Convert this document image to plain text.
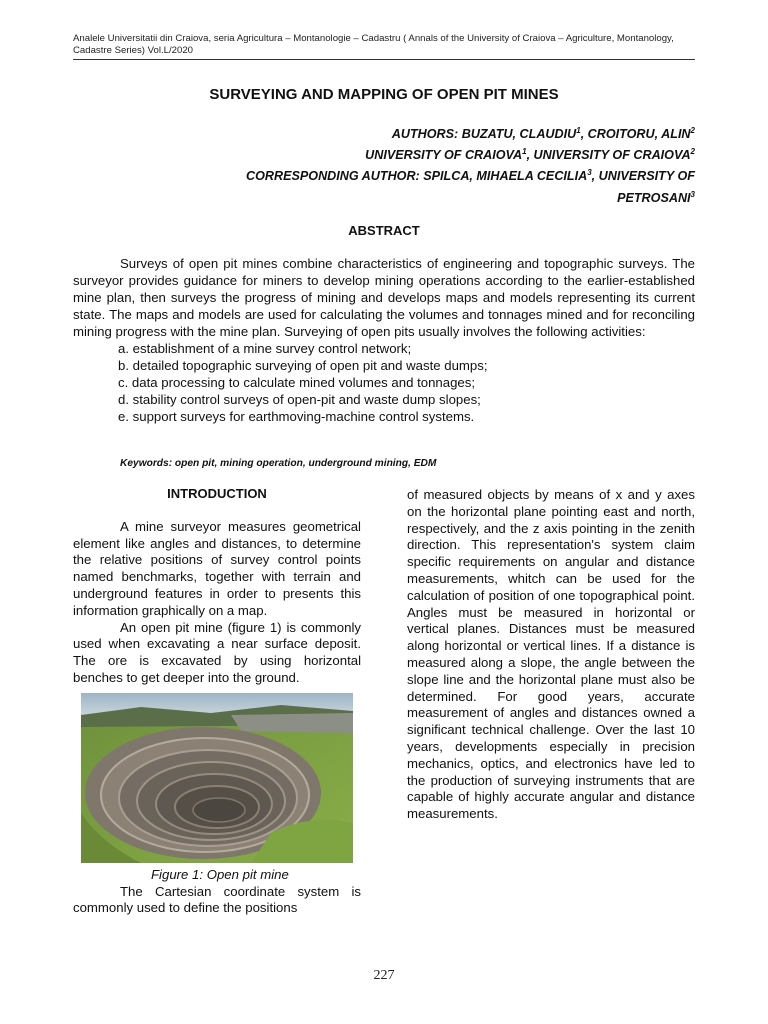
Analele Universitatii din Craiova, seria Agricultura – Montanologie – Cadastru ( Annals of the University of Craiova – Agriculture, Montanology, Cadastre Series) Vol.L/2020
SURVEYING AND MAPPING OF OPEN PIT MINES
AUTHORS: BUZATU, CLAUDIU$^1$, CROITORU, ALIN$^2$
UNIVERSITY OF CRAIOVA$^1$, UNIVERSITY OF CRAIOVA$^2$
CORRESPONDING AUTHOR: SPILCA, MIHAELA CECILIA$^3$, UNIVERSITY OF
PETROSANI$^3$
ABSTRACT

Surveys of open pit mines combine characteristics of engineering and topographic surveys. The surveyor provides guidance for miners to develop mining operations according to the earlier-established mine plan, then surveys the progress of mining and develops maps and models representing its current state. The maps and models are used for calculating the volumes and tonnages mined and for reconciling mining progress with the mine plan. Surveying of open pits usually involves the following activities:

a. establishment of a mine survey control network;
b. detailed topographic surveying of open pit and waste dumps;
c. data processing to calculate mined volumes and tonnages;
d. stability control surveys of open-pit and waste dump slopes;
e. support surveys for earthmoving-machine control systems.
Keywords: open pit, mining operation, underground mining, EDM
INTRODUCTION

A mine surveyor measures geometrical element like angles and distances, to determine the relative positions of survey control points named benchmarks, together with terrain and underground features in order to presents this information graphically on a map.

An open pit mine (figure 1) is commonly used when excavating a near surface deposit. The ore is excavated by using horizontal benches to get deeper into the ground.

Figure 1: Open pit mine

The Cartesian coordinate system is commonly used to define the positions

of measured objects by means of x and y axes on the horizontal plane pointing east and north, respectively, and the z axis pointing in the zenith direction. This representation's system claim specific requirements on angular and distance measurements, whitch can be used for the calculation of position of one topographical point. Angles must be measured in horizontal or vertical planes. Distances must be measured along horizontal or vertical lines. If a distance is measured along a slope, the angle between the slope line and the horizontal plane must also be determined. For good years, accurate measurement of angles and distances owned a significant technical challenge. Over the last 10 years, developments especially in precision mechanics, optics, and electronics have led to the production of surveying instruments that are capable of highly accurate angular and distance measurements.

227
